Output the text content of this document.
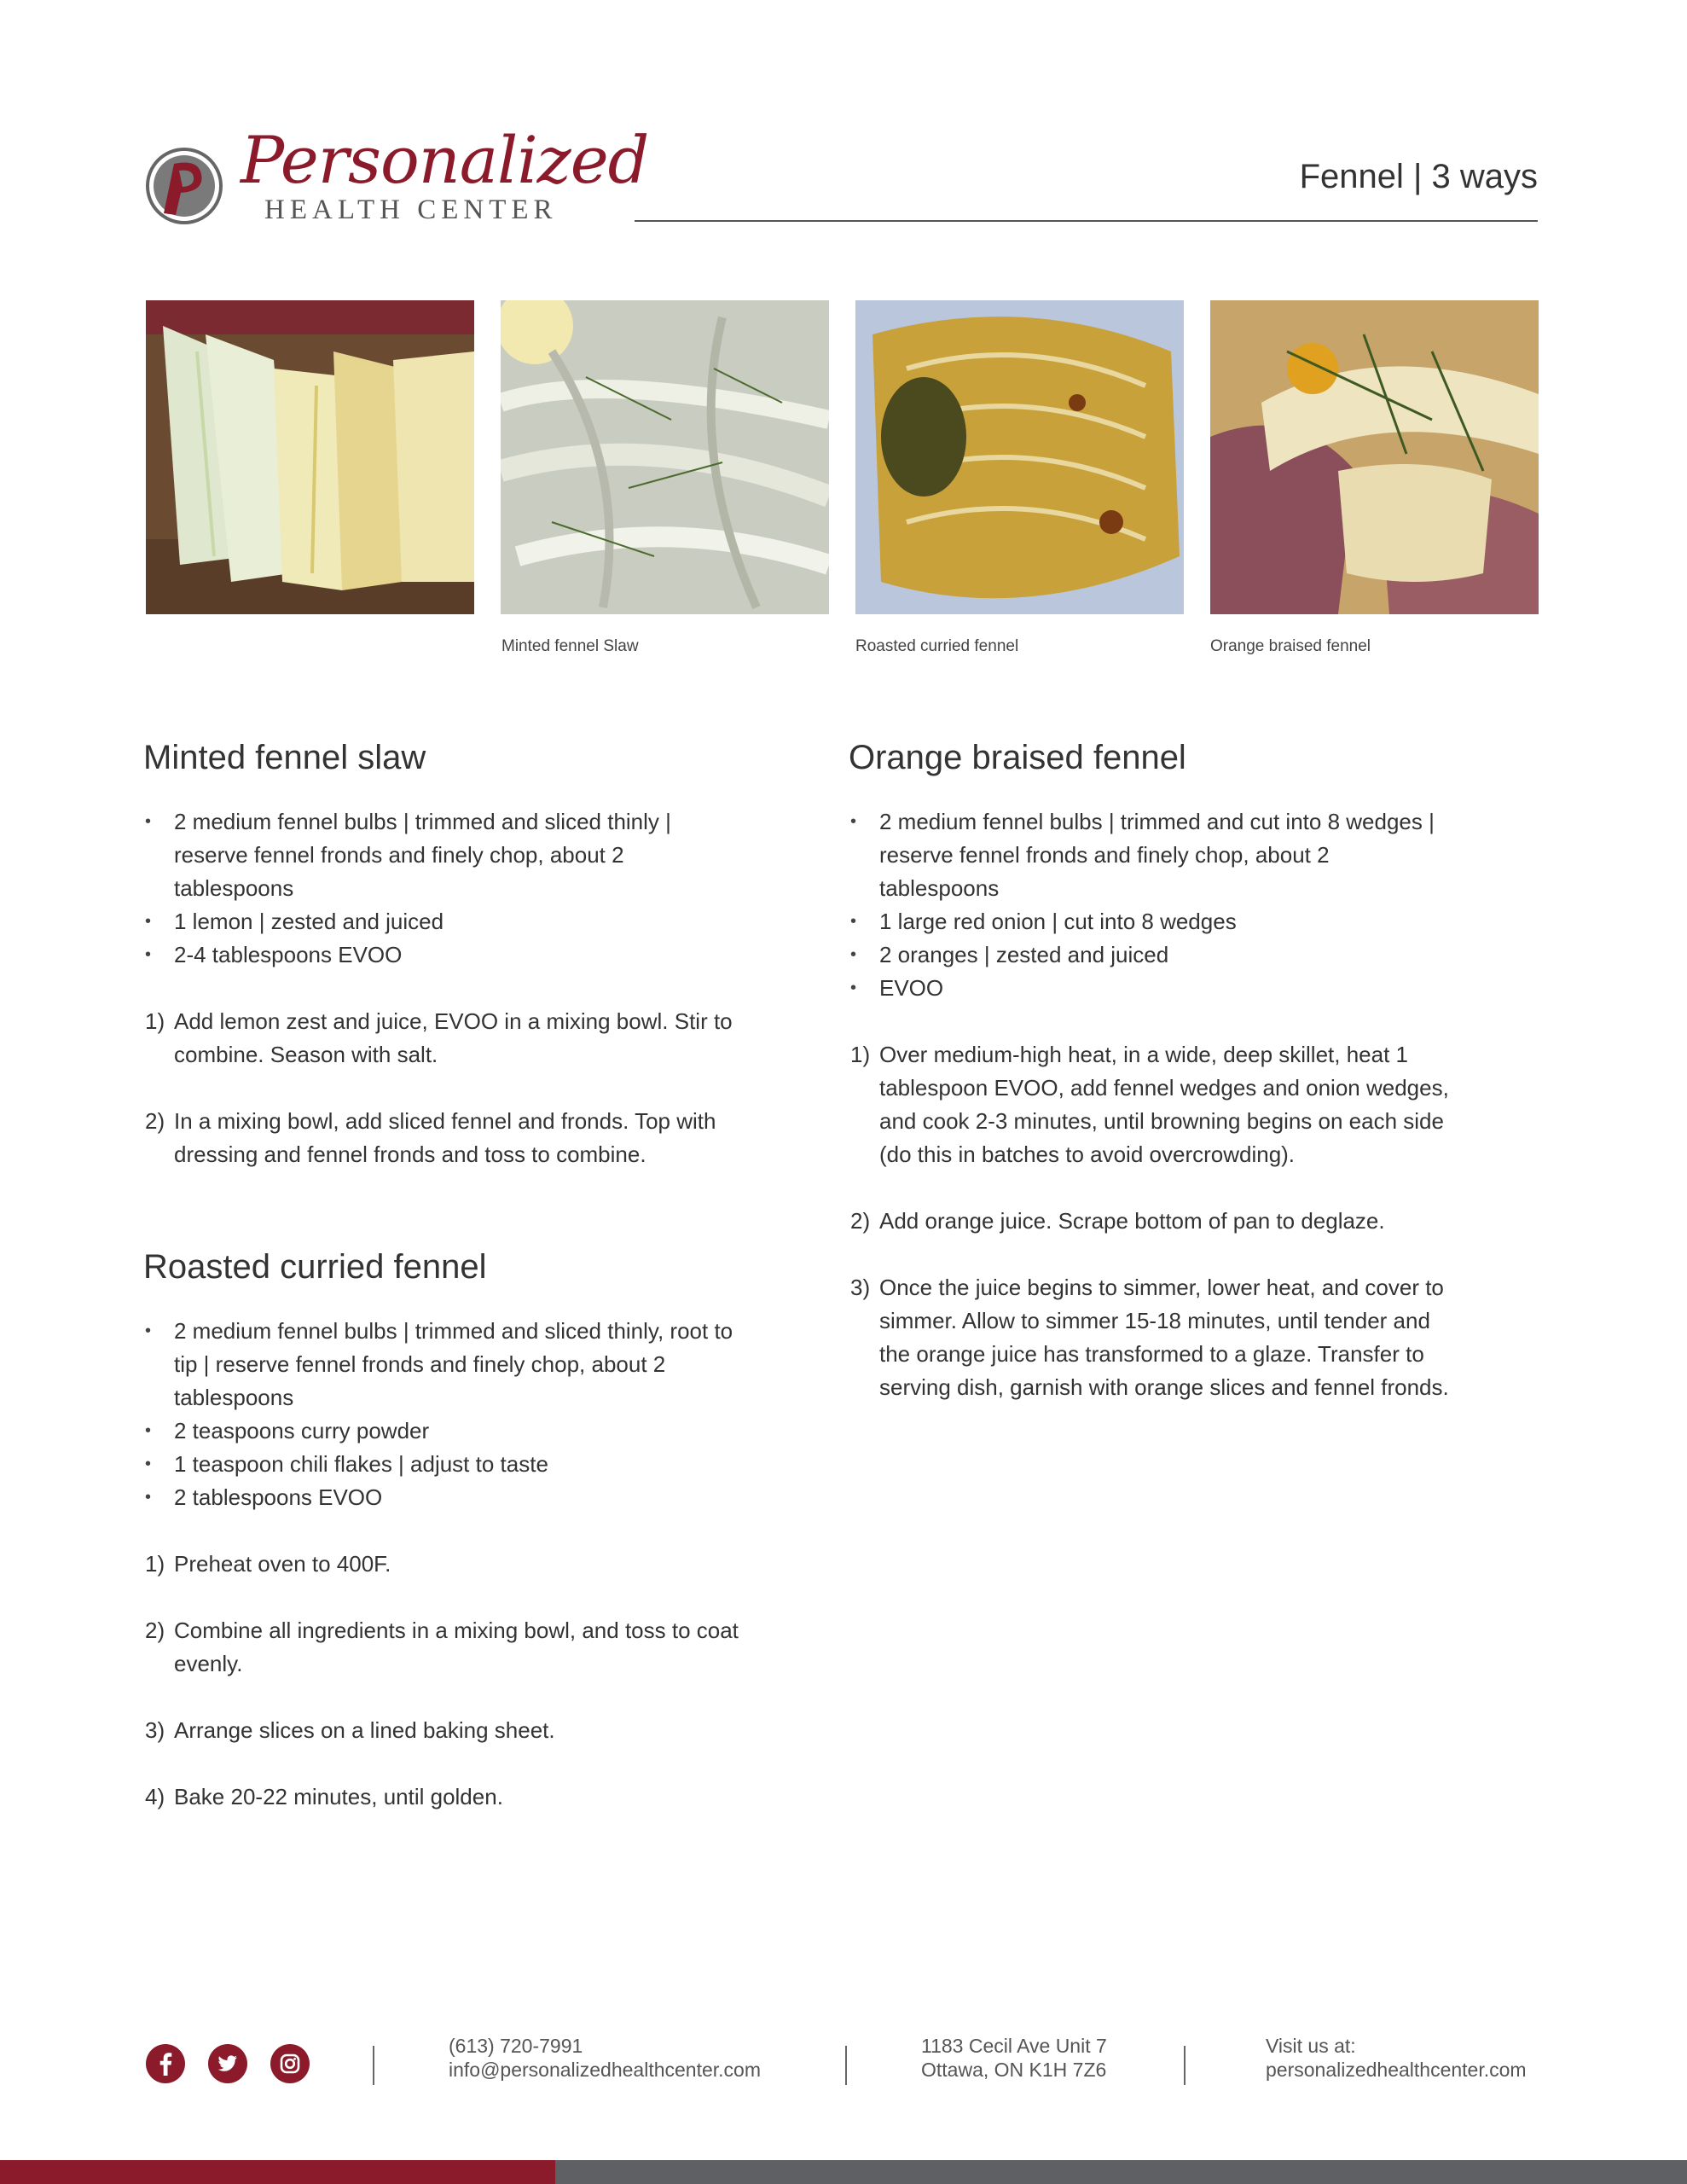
Personalized
HEALTH CENTER
Fennel | 3 ways
Minted fennel Slaw	Roasted curried fennel	Orange braised fennel
Minted fennel slaw
• 2 medium fennel bulbs | trimmed and sliced thinly | reserve fennel fronds and finely chop, about 2 tablespoons
• 1 lemon | zested and juiced
• 2-4 tablespoons EVOO
1) Add lemon zest and juice, EVOO in a mixing bowl. Stir to combine. Season with salt.
2) In a mixing bowl, add sliced fennel and fronds. Top with dressing and fennel fronds and toss to combine.
Roasted curried fennel
• 2 medium fennel bulbs | trimmed and sliced thinly, root to tip | reserve fennel fronds and finely chop, about 2 tablespoons
• 2 teaspoons curry powder
• 1 teaspoon chili flakes | adjust to taste
• 2 tablespoons EVOO
1) Preheat oven to 400F.
2) Combine all ingredients in a mixing bowl, and toss to coat evenly.
3) Arrange slices on a lined baking sheet.
4) Bake 20-22 minutes, until golden.
Orange braised fennel
• 2 medium fennel bulbs | trimmed and cut into 8 wedges | reserve fennel fronds and finely chop, about 2 tablespoons
• 1 large red onion | cut into 8 wedges
• 2 oranges | zested and juiced
• EVOO
1) Over medium-high heat, in a wide, deep skillet, heat 1 tablespoon EVOO, add fennel wedges and onion wedges, and cook 2-3 minutes, until browning begins on each side (do this in batches to avoid overcrowding).
2) Add orange juice. Scrape bottom of pan to deglaze.
3) Once the juice begins to simmer, lower heat, and cover to simmer. Allow to simmer 15-18 minutes, until tender and the orange juice has transformed to a glaze. Transfer to serving dish, garnish with orange slices and fennel fronds.
(613) 720-7991
info@personalizedhealthcenter.com
1183 Cecil Ave Unit 7
Ottawa, ON K1H 7Z6
Visit us at:
personalizedhealthcenter.com
